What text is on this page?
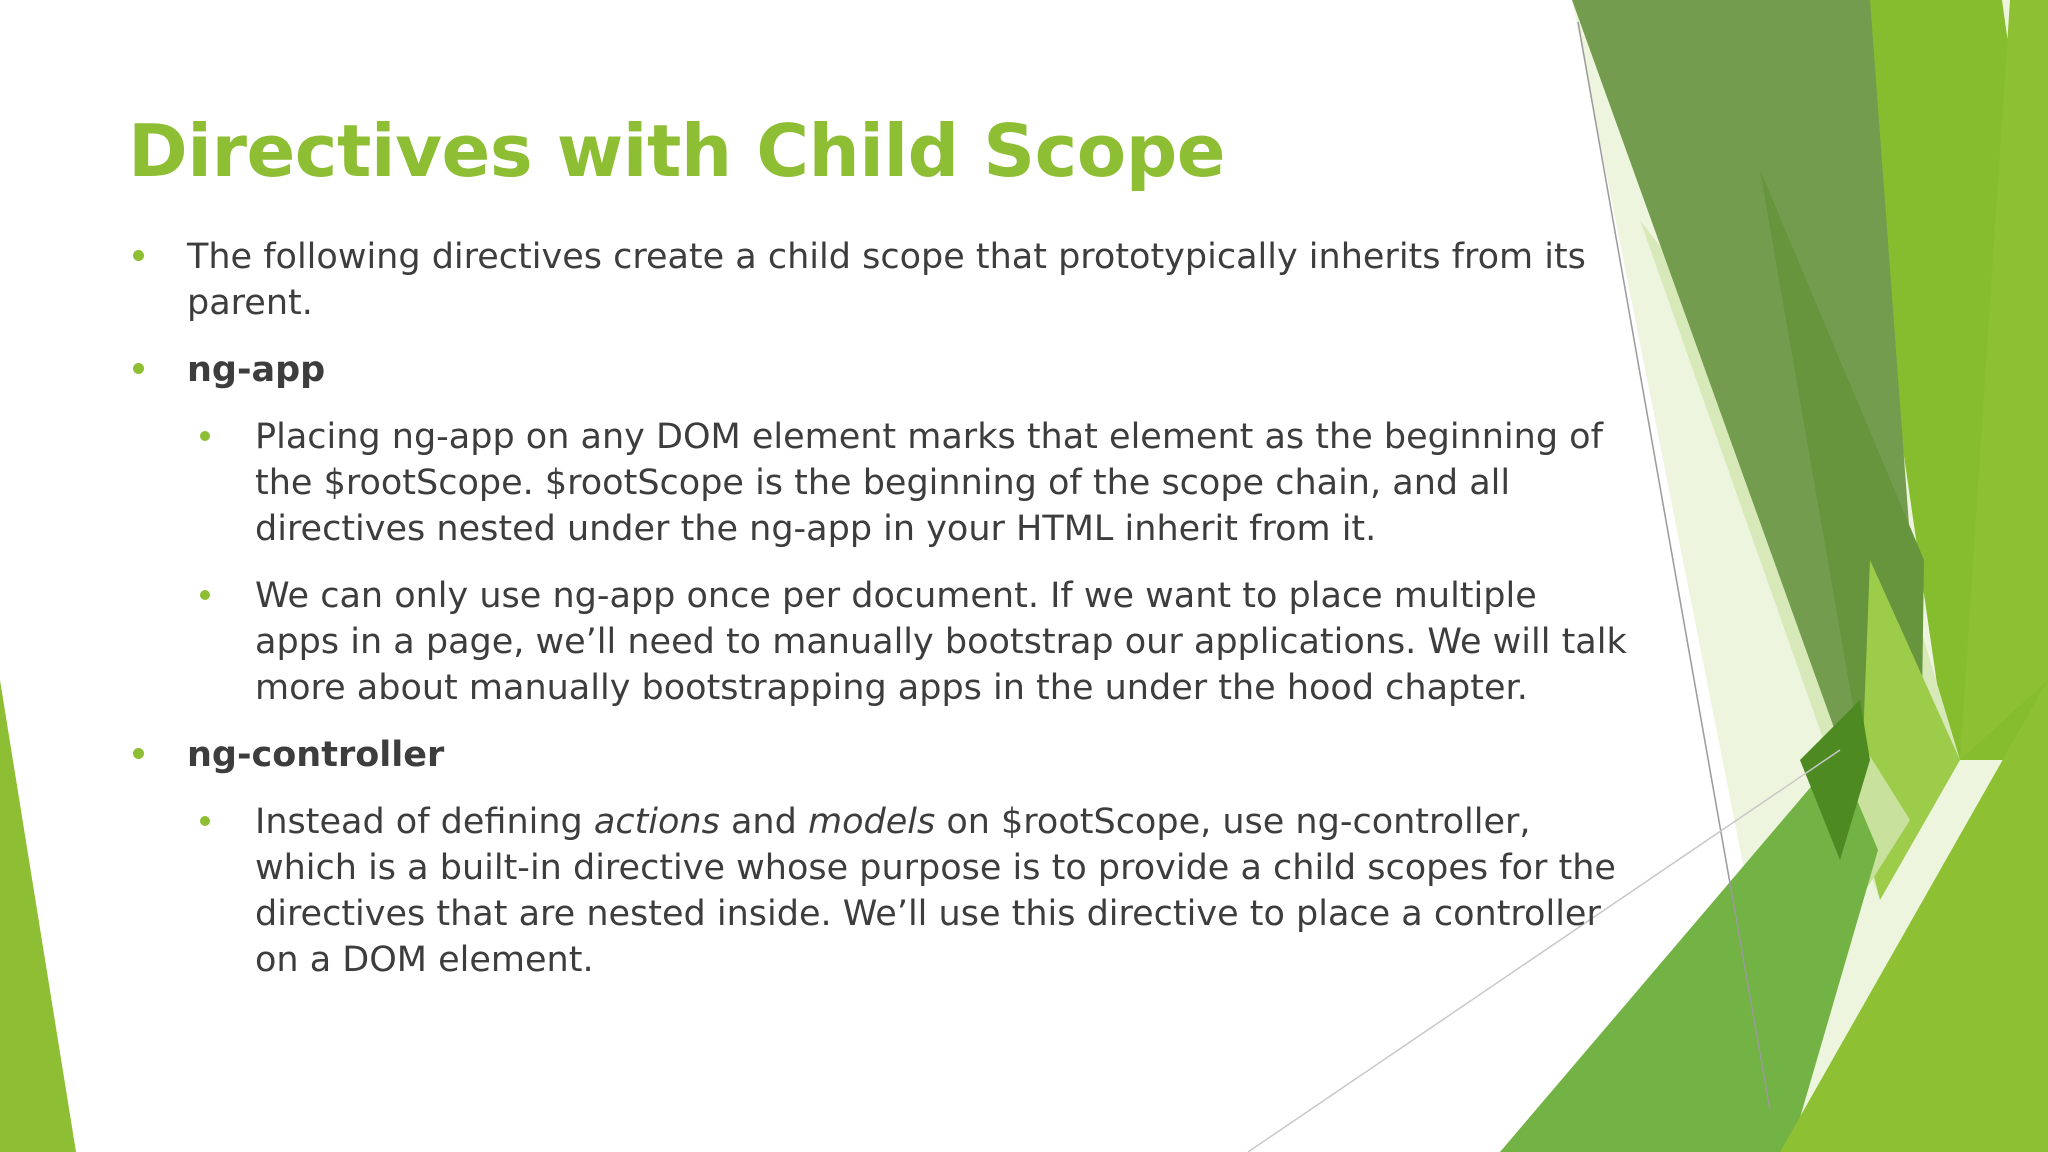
Directives with Child Scope
The following directives create a child scope that prototypically inherits from its parent.
ng-app
Placing ng-app on any DOM element marks that element as the beginning of the $rootScope. $rootScope is the beginning of the scope chain, and all directives nested under the ng-app in your HTML inherit from it.
We can only use ng-app once per document. If we want to place multiple apps in a page, we’ll need to manually bootstrap our applications. We will talk more about manually bootstrapping apps in the under the hood chapter.
ng-controller
Instead of defining actions and models on $rootScope, use ng-controller, which is a built-in directive whose purpose is to provide a child scopes for the directives that are nested inside. We’ll use this directive to place a controller on a DOM element.
